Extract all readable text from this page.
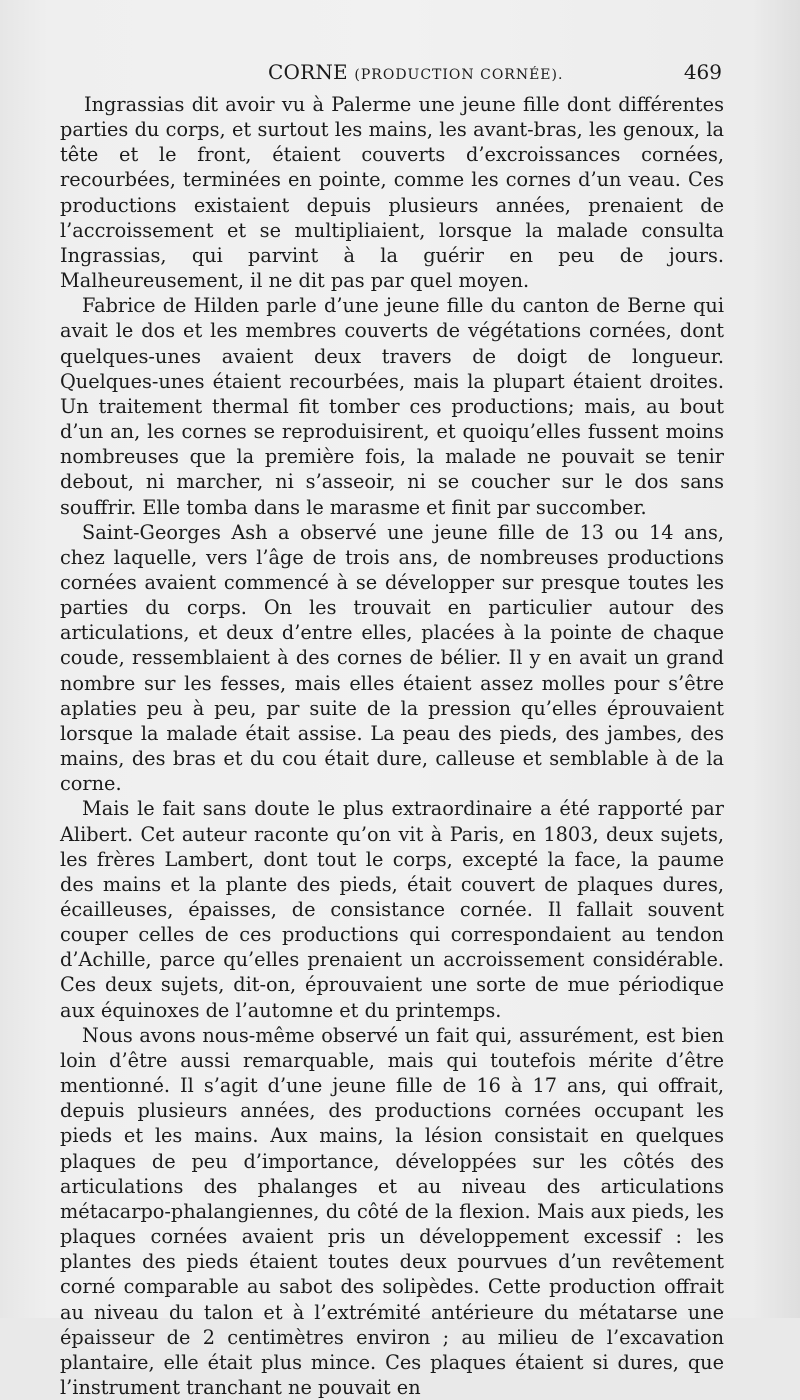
CORNE (PRODUCTION CORNÉE).	469

Ingrassias dit avoir vu à Palerme une jeune fille dont différentes parties du corps, et surtout les mains, les avant-bras, les genoux, la tête et le front, étaient couverts d’excroissances cornées, recourbées, terminées en pointe, comme les cornes d’un veau. Ces productions existaient depuis plusieurs années, prenaient de l’accroissement et se multipliaient, lorsque la malade consulta Ingrassias, qui parvint à la guérir en peu de jours. Malheureusement, il ne dit pas par quel moyen.

Fabrice de Hilden parle d’une jeune fille du canton de Berne qui avait le dos et les membres couverts de végétations cornées, dont quelques-unes avaient deux travers de doigt de longueur. Quelques-unes étaient recourbées, mais la plupart étaient droites. Un traitement thermal fit tomber ces productions; mais, au bout d’un an, les cornes se reproduisirent, et quoiqu’elles fussent moins nombreuses que la première fois, la malade ne pouvait se tenir debout, ni marcher, ni s’asseoir, ni se coucher sur le dos sans souffrir. Elle tomba dans le marasme et finit par succomber.

Saint-Georges Ash a observé une jeune fille de 13 ou 14 ans, chez laquelle, vers l’âge de trois ans, de nombreuses productions cornées avaient commencé à se développer sur presque toutes les parties du corps. On les trouvait en particulier autour des articulations, et deux d’entre elles, placées à la pointe de chaque coude, ressemblaient à des cornes de bélier. Il y en avait un grand nombre sur les fesses, mais elles étaient assez molles pour s’être aplaties peu à peu, par suite de la pression qu’elles éprouvaient lorsque la malade était assise. La peau des pieds, des jambes, des mains, des bras et du cou était dure, calleuse et semblable à de la corne.

Mais le fait sans doute le plus extraordinaire a été rapporté par Alibert. Cet auteur raconte qu’on vit à Paris, en 1803, deux sujets, les frères Lambert, dont tout le corps, excepté la face, la paume des mains et la plante des pieds, était couvert de plaques dures, écailleuses, épaisses, de consistance cornée. Il fallait souvent couper celles de ces productions qui correspondaient au tendon d’Achille, parce qu’elles prenaient un accroissement considérable. Ces deux sujets, dit-on, éprouvaient une sorte de mue périodique aux équinoxes de l’automne et du printemps.

Nous avons nous-même observé un fait qui, assurément, est bien loin d’être aussi remarquable, mais qui toutefois mérite d’être mentionné. Il s’agit d’une jeune fille de 16 à 17 ans, qui offrait, depuis plusieurs années, des productions cornées occupant les pieds et les mains. Aux mains, la lésion consistait en quelques plaques de peu d’importance, développées sur les côtés des articulations des phalanges et au niveau des articulations métacarpo-phalangiennes, du côté de la flexion. Mais aux pieds, les plaques cornées avaient pris un développement excessif : les plantes des pieds étaient toutes deux pourvues d’un revêtement corné comparable au sabot des solipèdes. Cette production offrait au niveau du talon et à l’extrémité antérieure du métatarse une épaisseur de 2 centimètres environ ; au milieu de l’excavation plantaire, elle était plus mince. Ces plaques étaient si dures, que l’instrument tranchant ne pouvait en
